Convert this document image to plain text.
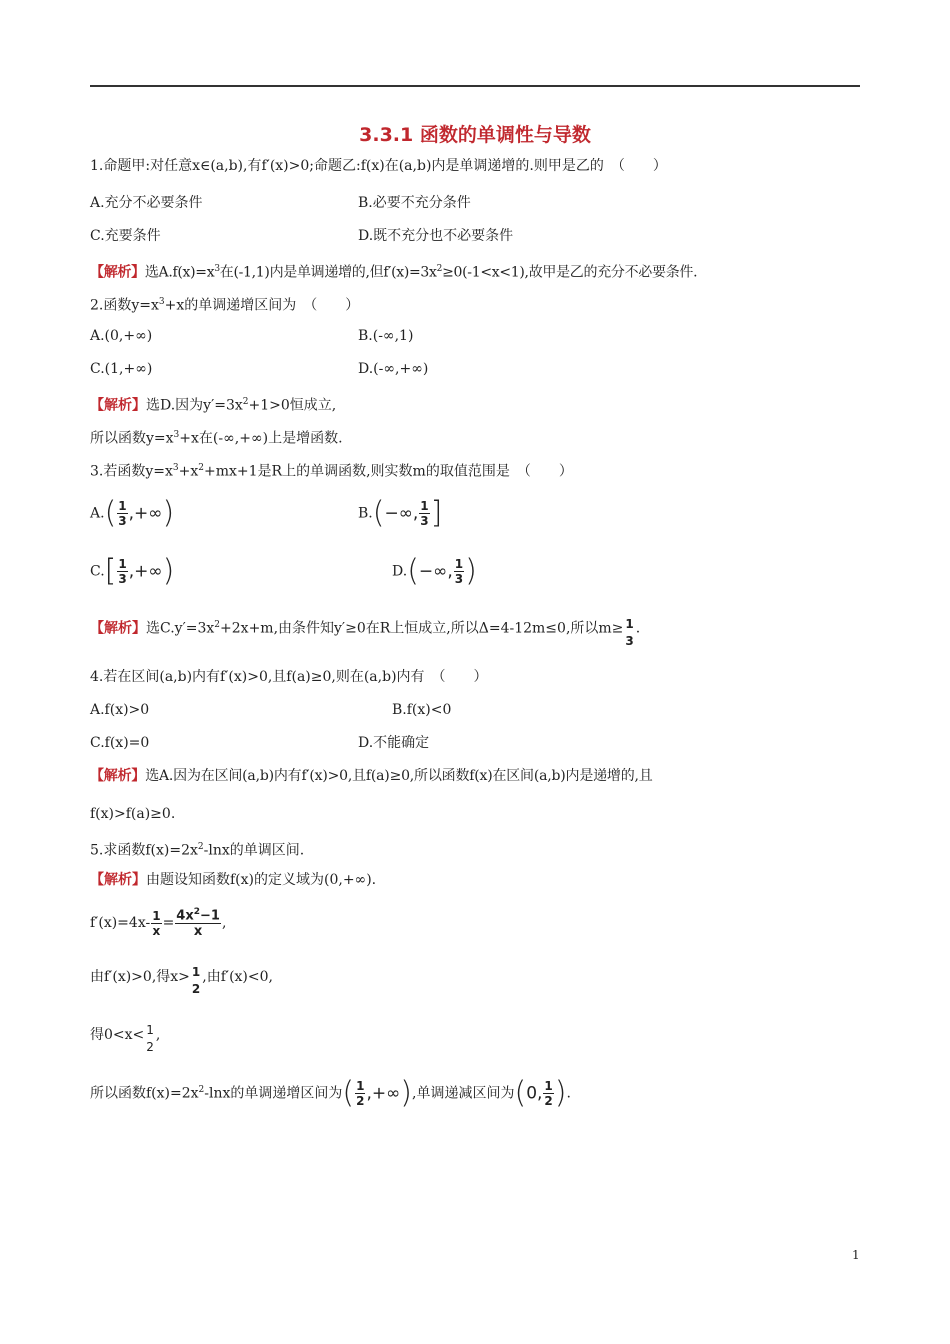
3.3.1 函数的单调性与导数
1.命题甲:对任意x∈(a,b),有f′(x)>0;命题乙:f(x)在(a,b)内是单调递增的.则甲是乙的　（　　）
A.充分不必要条件	B.必要不充分条件
C.充要条件	D.既不充分也不必要条件
【解析】选$A.f(x)=x^3$在(-1,1)内是单调递增的,但$f'(x)=3x^2\ge 0(-1<x<1)$,故甲是乙的充分不必要条件.
2.函数$y=x^3+x$的单调递增区间为　（　　）
A.(0,+∞)	B.(-∞,1)
C.(1,+∞)	D.(-∞,+∞)
【解析】选D.因为$y'=3x^2+1>0$恒成立,
所以函数$y=x^3+x$在(-∞,+∞)上是增函数.
3.若函数$y=x^3+x^2+mx+1$是R上的单调函数,则实数m的取值范围是　（　　）
$A.( \frac{1}{3}$ ,+∞)	B.(−∞, $\frac{1}{3}$ ]
$C.[ \frac{1}{3}$ ,+∞)	D.(−∞, $\frac{1}{3}$ )
【解析】选$C.y'=3x^2+2x+m$,由条件知y′≥0在R上恒成立,所以Δ=4-12m≤0,所以m≥ 1
3
.
4.若在区间(a,b)内有f′(x)>0,且f(a)≥0,则在(a,b)内有　（　　）
A.f(x)>0	B.f(x)<0
C.f(x)=0	D.不能确定
【解析】选A.因为在区间(a,b)内有f′(x)>0,且f(a)≥0,所以函数f(x)在区间(a,b)内是递增的,且
f(x)>f(a)≥0.
5.求函数$f(x)=2x^2$-lnx的单调区间.
【解析】由题设知函数f(x)的定义域为(0,+∞).
$f'(x)=4x- \frac{1}{x} = \frac{4x^2-1}{x}$ ,
由f′(x)>0,得x> 1
2
,由f′(x)<0,
得0<x< 1
2
,
所以函数$f(x)=2x^2$-lnx的单调递增区间为( $\frac{1}{2}$ ,+∞),单调递减区间为(0, $\frac{1}{2}$ ).
1
